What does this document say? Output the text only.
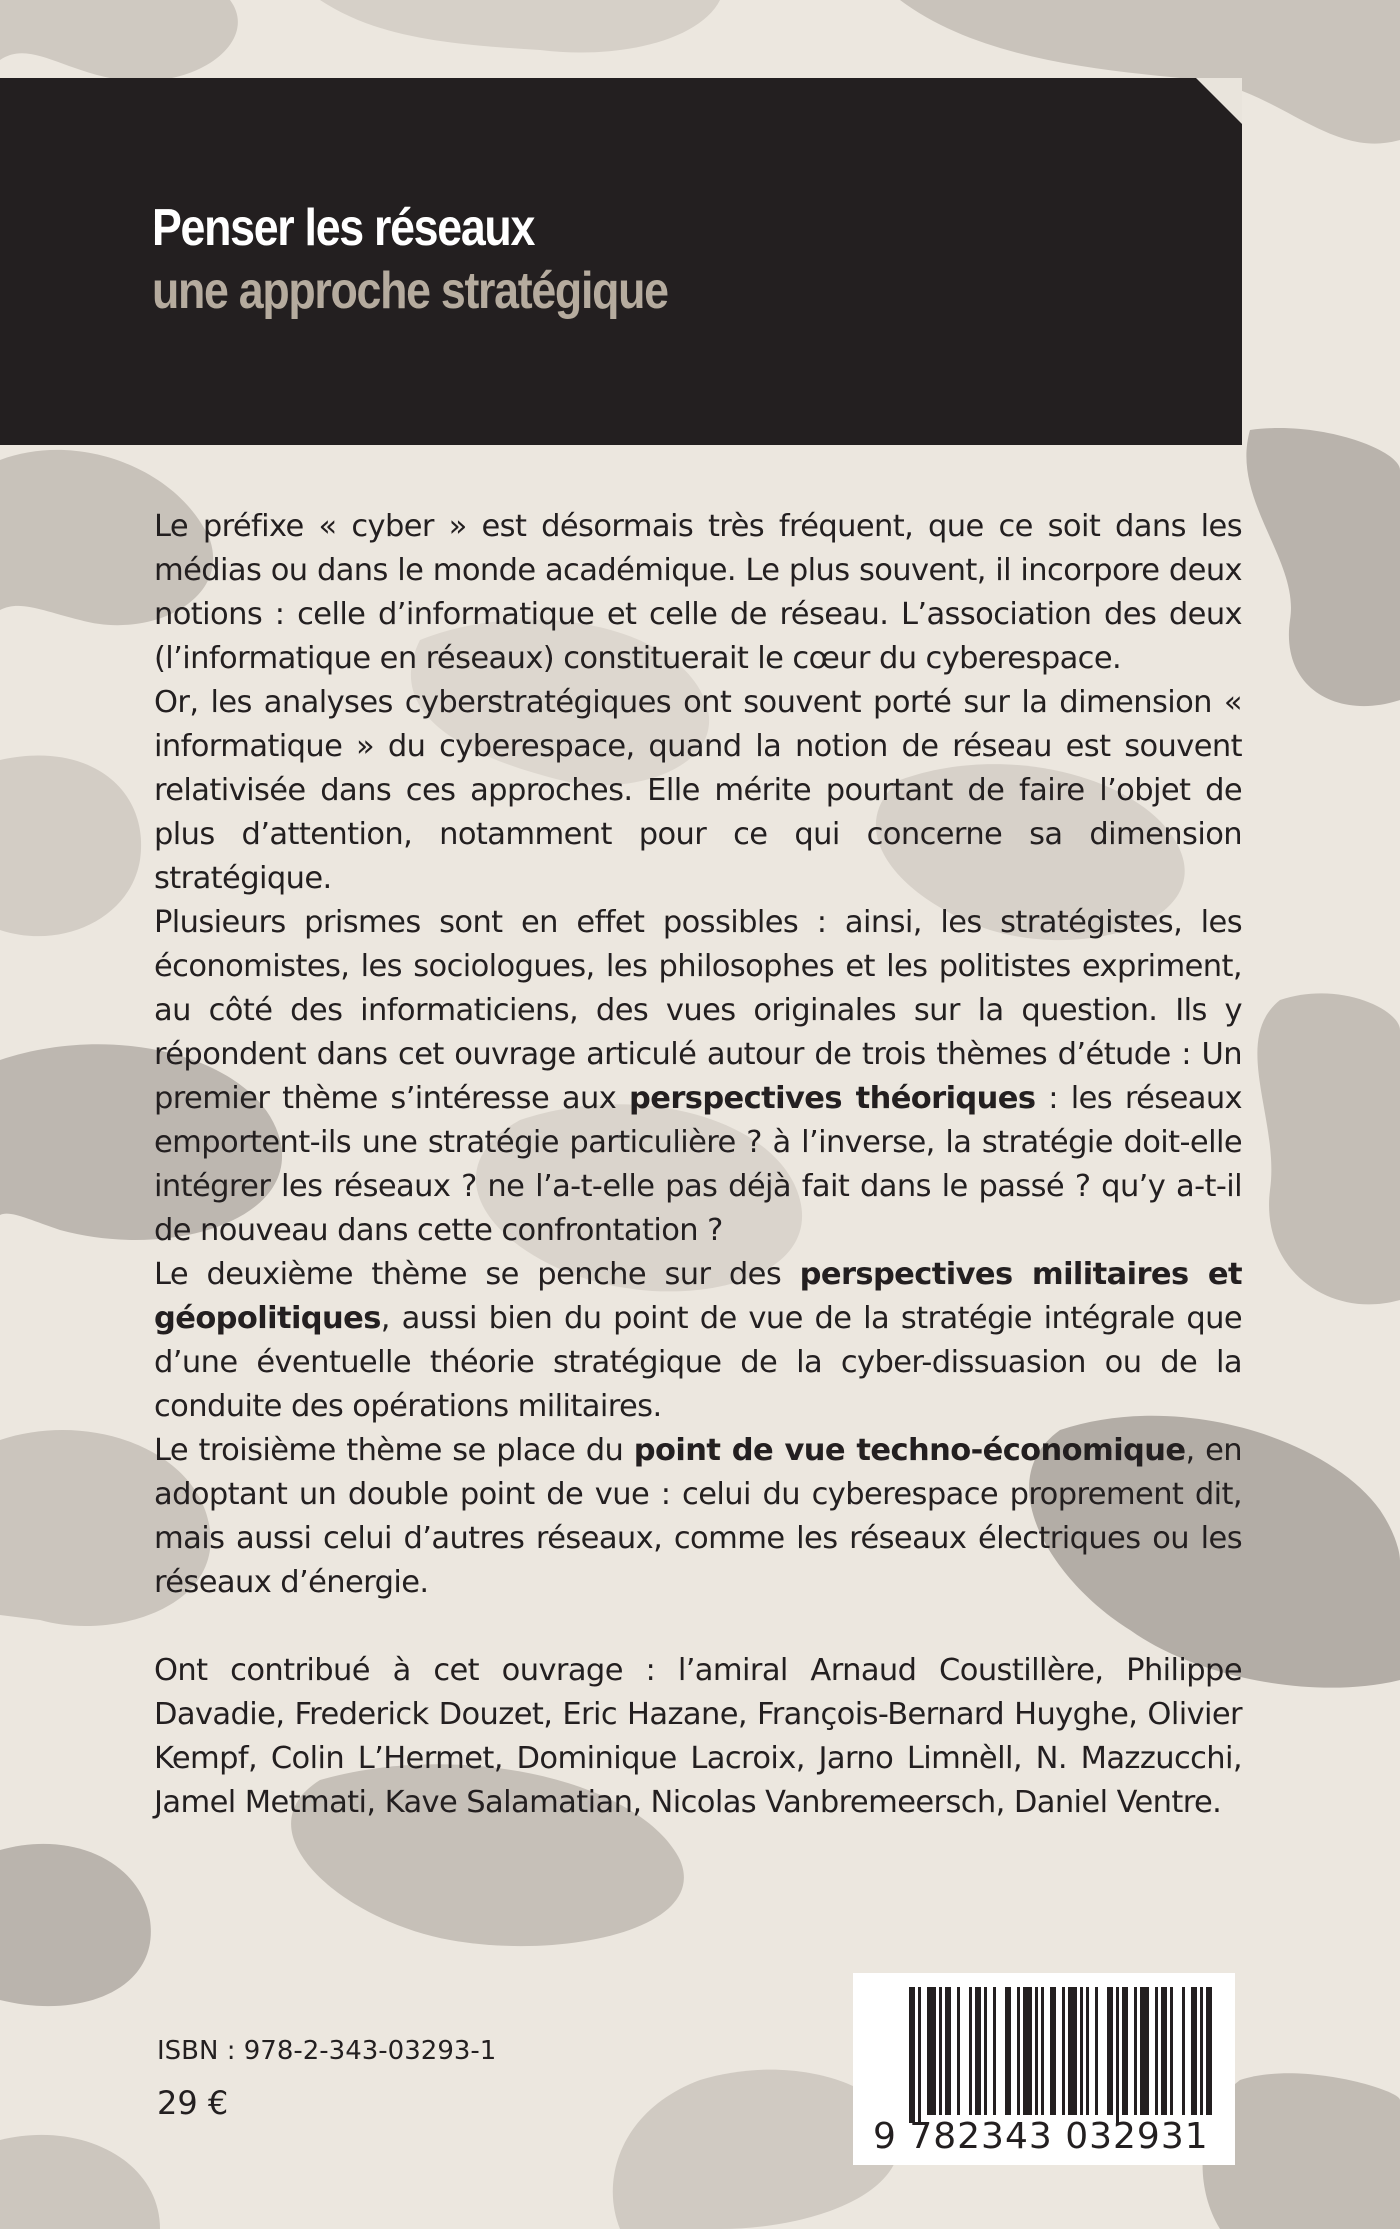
Penser les réseaux
une approche stratégique

Le préfixe « cyber » est désormais très fréquent, que ce soit dans les médias ou dans le monde académique. Le plus souvent, il incorpore deux notions : celle d’informatique et celle de réseau. L’association des deux (l’informatique en réseaux) constituerait le cœur du cyberespace.

Or, les analyses cyberstratégiques ont souvent porté sur la dimension « informatique » du cyberespace, quand la notion de réseau est souvent relativisée dans ces approches. Elle mérite pourtant de faire l’objet de plus d’attention, notamment pour ce qui concerne sa dimension stratégique.

Plusieurs prismes sont en effet possibles : ainsi, les stratégistes, les économistes, les sociologues, les philosophes et les politistes expriment, au côté des informaticiens, des vues originales sur la question. Ils y répondent dans cet ouvrage articulé autour de trois thèmes d’étude : Un premier thème s’intéresse aux perspectives théoriques : les réseaux emportent-ils une stratégie particulière ? à l’inverse, la stratégie doit-elle intégrer les réseaux ? ne l’a-t-elle pas déjà fait dans le passé ? qu’y a-t-il de nouveau dans cette confrontation ?

Le deuxième thème se penche sur des perspectives militaires et géopolitiques, aussi bien du point de vue de la stratégie intégrale que d’une éventuelle théorie stratégique de la cyber-dissuasion ou de la conduite des opérations militaires.

Le troisième thème se place du point de vue techno-économique, en adoptant un double point de vue : celui du cyberespace proprement dit, mais aussi celui d’autres réseaux, comme les réseaux électriques ou les réseaux d’énergie.

Ont contribué à cet ouvrage : l’amiral Arnaud Coustillère, Philippe Davadie, Frederick Douzet, Eric Hazane, François-Bernard Huyghe, Olivier Kempf, Colin L’Hermet, Dominique Lacroix, Jarno Limnèll, N. Mazzucchi, Jamel Metmati, Kave Salamatian, Nicolas Vanbremeersch, Daniel Ventre.

ISBN : 978-2-343-03293-1
29 €
9 782343 032931
